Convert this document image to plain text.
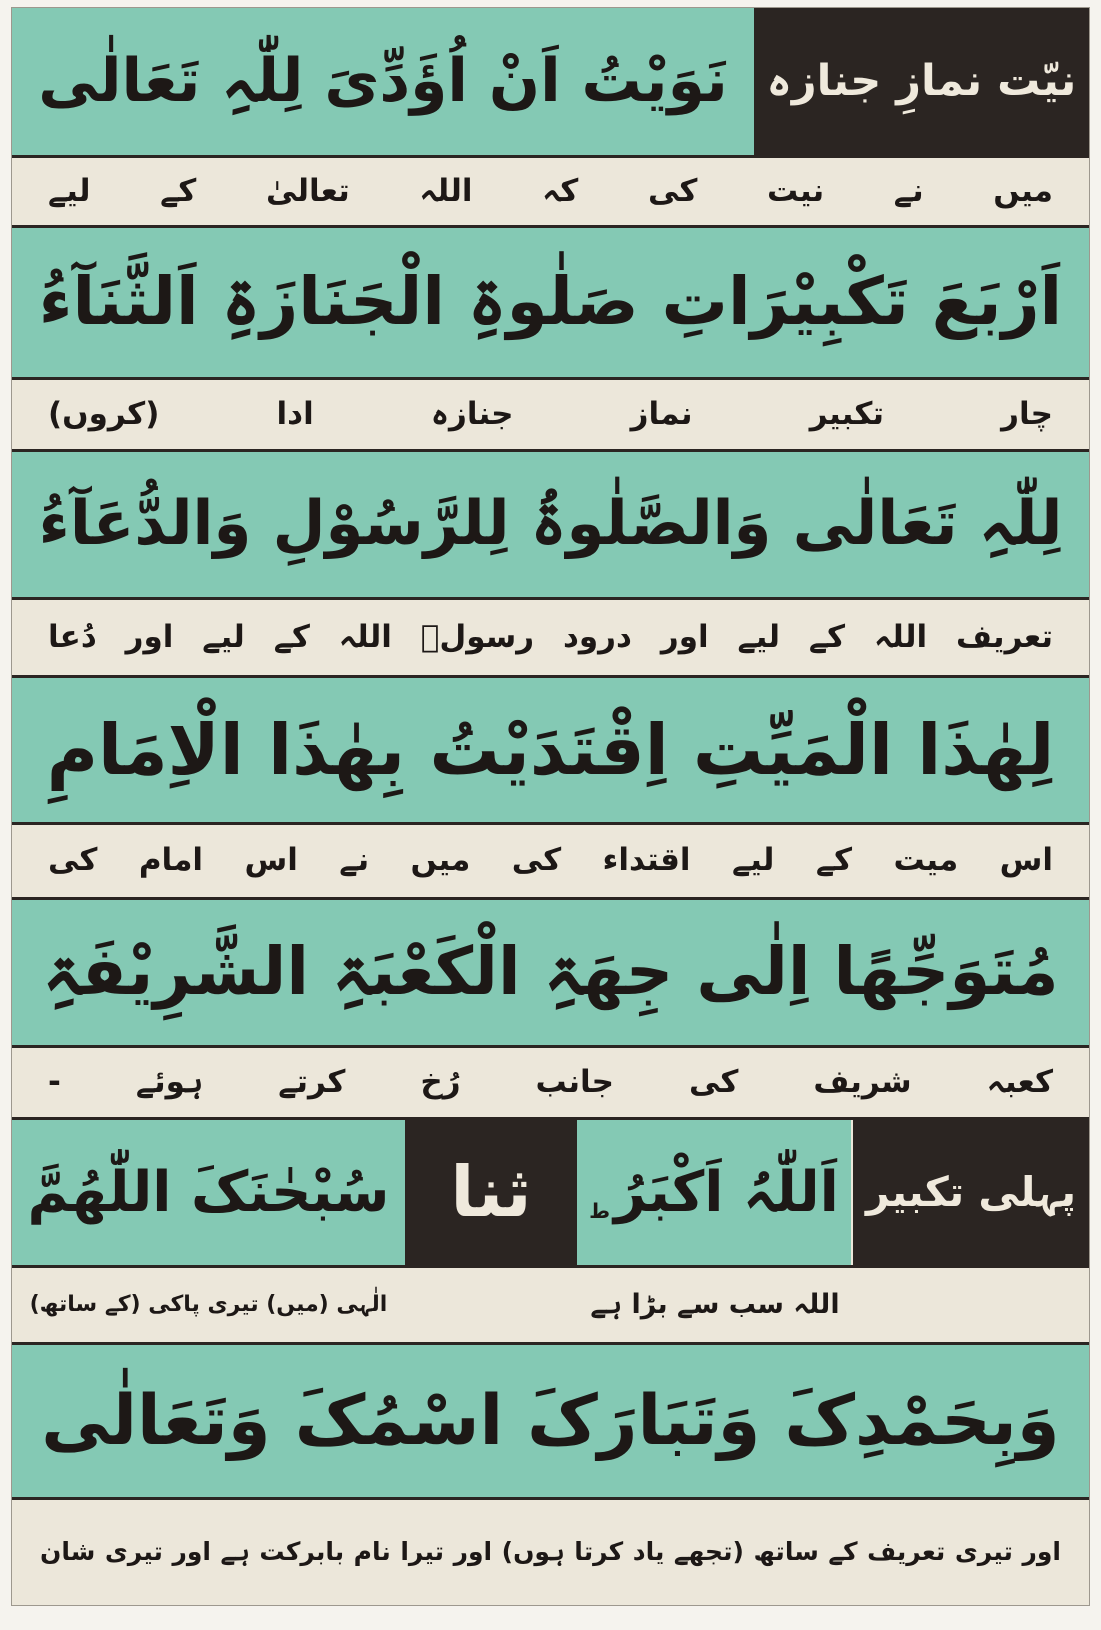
نیّت نمازِ جنازہ
نَوَیْتُ اَنْ اُؤَدِّیَ لِلّٰہِ تَعَالٰی
میں نے نیت کی کہ اللہ تعالیٰ کے لیے
اَرْبَعَ تَکْبِیْرَاتِ صَلٰوۃِ الْجَنَازَۃِ اَلثَّنَآءُ
چار تکبیر نماز جنازہ ادا (کروں)
لِلّٰہِ تَعَالٰی وَالصَّلٰوۃُ لِلرَّسُوْلِ وَالدُّعَآءُ
تعریف اللہ کے لیے اور درود رسولؐ اللہ کے لیے اور دُعا
لِھٰذَا الْمَیِّتِ اِقْتَدَیْتُ بِھٰذَا الْاِمَامِ
اس میت کے لیے اقتداء کی میں نے اس امام کی
مُتَوَجِّھًا اِلٰی جِھَۃِ الْکَعْبَۃِ الشَّرِیْفَۃِ
کعبہ شریف کی جانب رُخ کرتے ہوئے -
پہلی تکبیر
اَللّٰہُ اَکْبَرُط
ثنا
سُبْحٰنَکَ اللّٰھُمَّ
اللہ سب سے بڑا ہے
الٰہی (میں) تیری پاکی (کے ساتھ)
وَبِحَمْدِکَ وَتَبَارَکَ اسْمُکَ وَتَعَالٰی
اور تیری تعریف کے ساتھ (تجھے یاد کرتا ہوں) اور تیرا نام بابرکت ہے اور تیری شان
